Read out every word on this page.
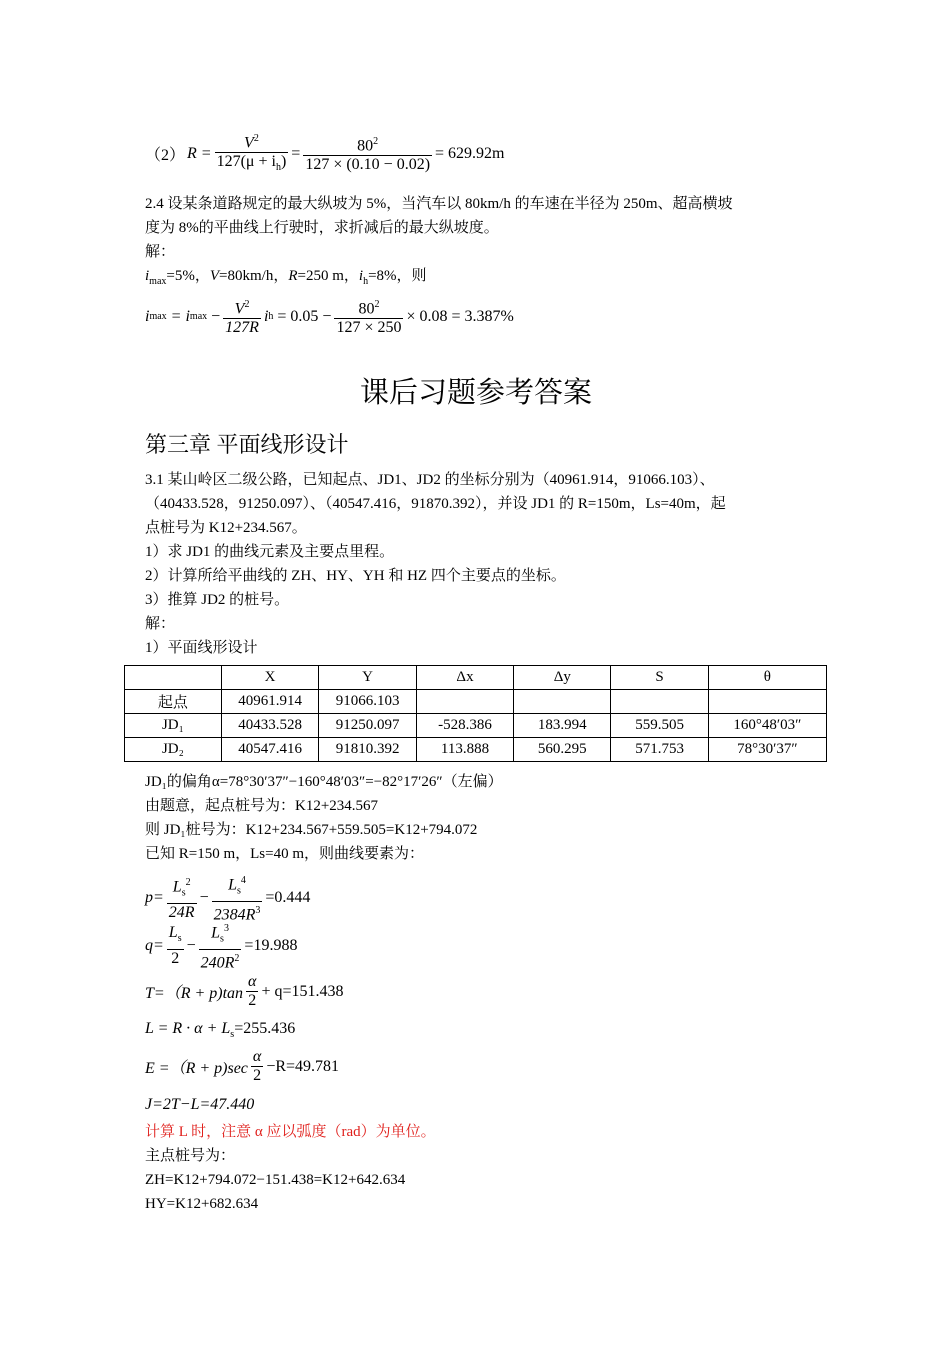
（2） $R = \frac{V^2}{127(\mu + i_h)} = \frac{80^2}{127 \times (0.10 - 0.02)} = 629.92m$
2.4 设某条道路规定的最大纵坡为 5%，当汽车以 80km/h 的车速在半径为 250m、超高横坡
度为 8%的平曲线上行驶时，求折减后的最大纵坡度。
解：
$i_{max}=5\%$，V=80km/h，R=250 m，$i_h=8\%$，则
i max = i $\max - \frac{V^2}{127R}$ i $h = 0.05 - \frac{80^2}{127 \times 250} \times 0.08 = 3.387\%$
课后习题参考答案
第三章 平面线形设计
3.1 某山岭区二级公路，已知起点、JD1、JD2 的坐标分别为（40961.914，91066.103）、
（40433.528，91250.097）、（40547.416，91870.392），并设 JD1 的 R=150m，Ls=40m，起
点桩号为 K12+234.567。
1）求 JD1 的曲线元素及主要点里程。
2）计算所给平曲线的 ZH、HY、YH 和 HZ 四个主要点的坐标。
3）推算 JD2 的桩号。
解：
1）平面线形设计
	X	Y	Δx	Δy	S	θ
起点	40961.914	91066.103				
JD₁	40433.528	91250.097	-528.386	183.994	559.505	160°48′03″
JD₂	40547.416	91810.392	113.888	560.295	571.753	78°30′37″
JD₁的偏角α=78°30′37″−160°48′03″=−82°17′26″（左偏）
由题意，起点桩号为：K12+234.567
则 JD₁桩号为：K12+234.567+559.505=K12+794.072
已知 R=150 m，Ls=40 m，则曲线要素为：
$p= \frac{L_s^2}{24R} - \frac{L_s^4}{2384R^3} =0.444$
$q= \frac{L_s}{2} - \frac{L_s^3}{240R^2} =19.988$
$T=(R + p)\tan \frac{\alpha}{2} + q=151.438$
$L = R \cdot \alpha + L_s=255.436$
$E =(R + p)\sec \frac{\alpha}{2} -R=49.781$
J=2T−L=47.440
计算 L 时，注意 α 应以弧度（rad）为单位。
主点桩号为：
ZH=K12+794.072−151.438=K12+642.634
HY=K12+682.634
